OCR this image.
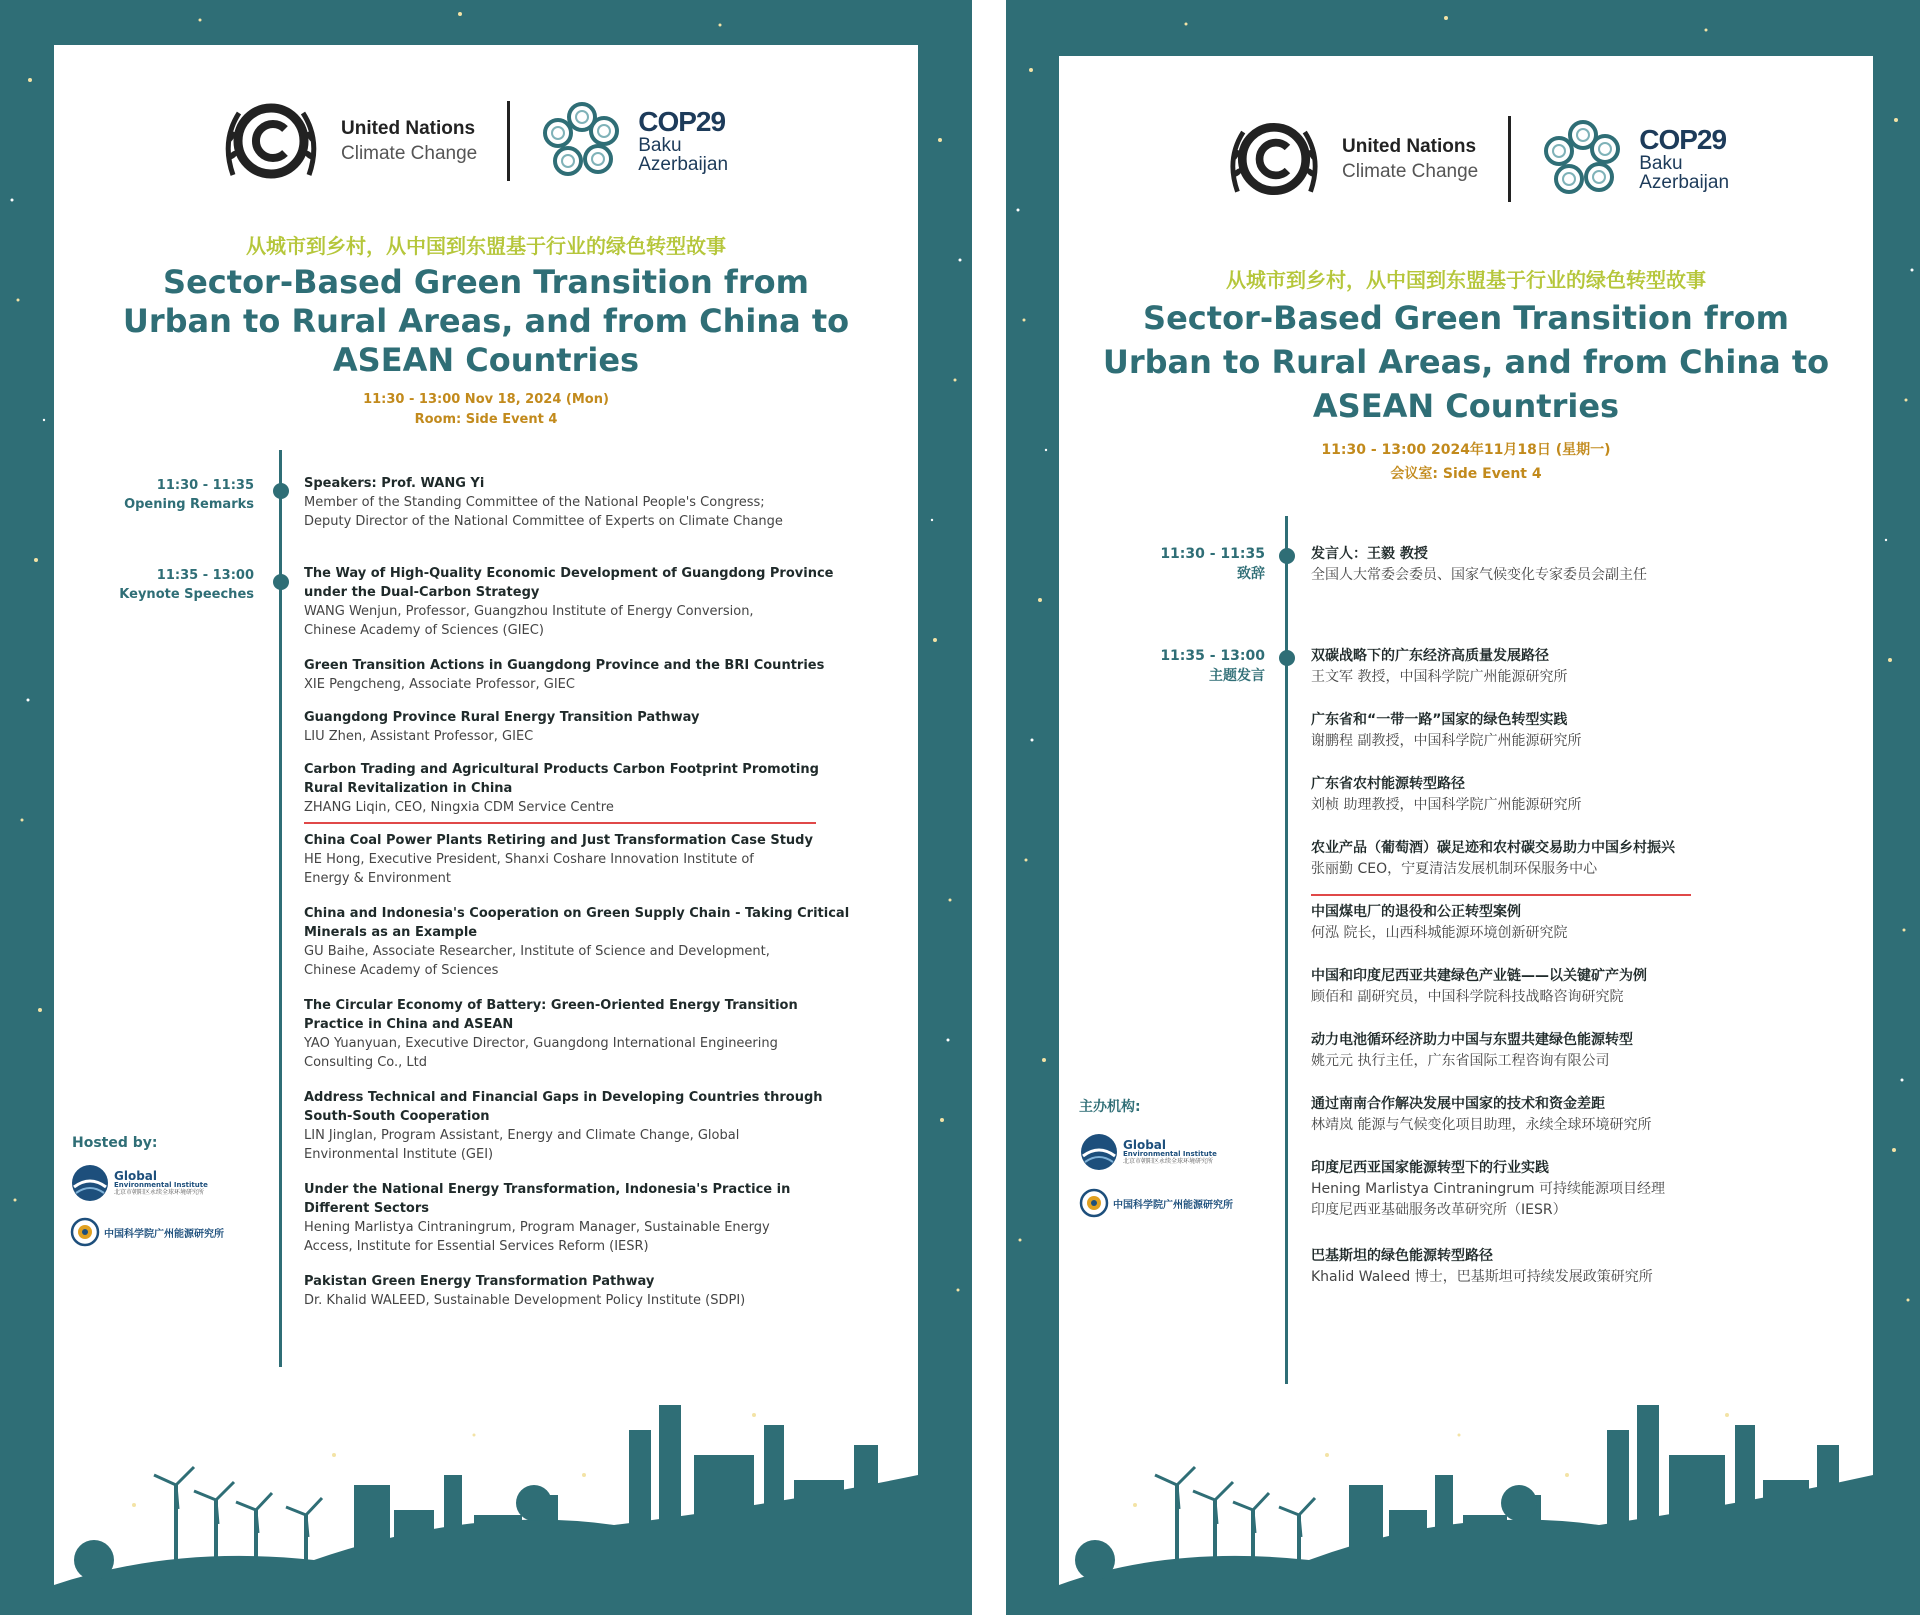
United Nations
Climate Change
COP29
Baku
Azerbaijan
从城市到乡村，从中国到东盟基于行业的绿色转型故事
Sector-Based Green Transition from
Urban to Rural Areas, and from China to
ASEAN Countries
11:30 - 13:00 Nov 18, 2024 (Mon)
Room: Side Event 4
11:30 - 11:35
Opening Remarks
11:35 - 13:00
Keynote Speeches
Speakers: Prof. WANG Yi
Member of the Standing Committee of the National People's Congress;
Deputy Director of the National Committee of Experts on Climate Change
The Way of High-Quality Economic Development of Guangdong Province
under the Dual-Carbon Strategy
WANG Wenjun, Professor, Guangzhou Institute of Energy Conversion,
Chinese Academy of Sciences (GIEC)
Green Transition Actions in Guangdong Province and the BRI Countries
XIE Pengcheng, Associate Professor, GIEC
Guangdong Province Rural Energy Transition Pathway
LIU Zhen, Assistant Professor, GIEC
Carbon Trading and Agricultural Products Carbon Footprint Promoting
Rural Revitalization in China
ZHANG Liqin, CEO, Ningxia CDM Service Centre
China Coal Power Plants Retiring and Just Transformation Case Study
HE Hong, Executive President, Shanxi Coshare Innovation Institute of
Energy & Environment
China and Indonesia's Cooperation on Green Supply Chain - Taking Critical
Minerals as an Example
GU Baihe, Associate Researcher, Institute of Science and Development,
Chinese Academy of Sciences
The Circular Economy of Battery: Green-Oriented Energy Transition
Practice in China and ASEAN
YAO Yuanyuan, Executive Director, Guangdong International Engineering
Consulting Co., Ltd
Address Technical and Financial Gaps in Developing Countries through
South-South Cooperation
LIN Jinglan, Program Assistant, Energy and Climate Change, Global
Environmental Institute (GEI)
Under the National Energy Transformation, Indonesia's Practice in
Different Sectors
Hening Marlistya Cintraningrum, Program Manager, Sustainable Energy
Access, Institute for Essential Services Reform (IESR)
Pakistan Green Energy Transformation Pathway
Dr. Khalid WALEED, Sustainable Development Policy Institute (SDPI)
Hosted by:
Global
Environmental Institute
北京市朝阳区永续全球环境研究所
中国科学院广州能源研究所
United Nations
Climate Change
COP29
Baku
Azerbaijan
从城市到乡村，从中国到东盟基于行业的绿色转型故事
Sector-Based Green Transition from
Urban to Rural Areas, and from China to
ASEAN Countries
11:30 - 13:00 2024年11月18日 (星期一)
会议室: Side Event 4
11:30 - 11:35
致辞
11:35 - 13:00
主题发言
发言人：王毅 教授
全国人大常委会委员、国家气候变化专家委员会副主任
双碳战略下的广东经济高质量发展路径
王文军 教授，中国科学院广州能源研究所
广东省和“一带一路”国家的绿色转型实践
谢鹏程 副教授，中国科学院广州能源研究所
广东省农村能源转型路径
刘桢 助理教授，中国科学院广州能源研究所
农业产品（葡萄酒）碳足迹和农村碳交易助力中国乡村振兴
张丽勤 CEO，宁夏清洁发展机制环保服务中心
中国煤电厂的退役和公正转型案例
何泓 院长，山西科城能源环境创新研究院
中国和印度尼西亚共建绿色产业链——以关键矿产为例
顾佰和 副研究员，中国科学院科技战略咨询研究院
动力电池循环经济助力中国与东盟共建绿色能源转型
姚元元 执行主任，广东省国际工程咨询有限公司
通过南南合作解决发展中国家的技术和资金差距
林靖岚 能源与气候变化项目助理，永续全球环境研究所
印度尼西亚国家能源转型下的行业实践
Hening Marlistya Cintraningrum 可持续能源项目经理
印度尼西亚基础服务改革研究所（IESR）
巴基斯坦的绿色能源转型路径
Khalid Waleed 博士，巴基斯坦可持续发展政策研究所
主办机构:
Global
Environmental Institute
北京市朝阳区永续全球环境研究所
中国科学院广州能源研究所
